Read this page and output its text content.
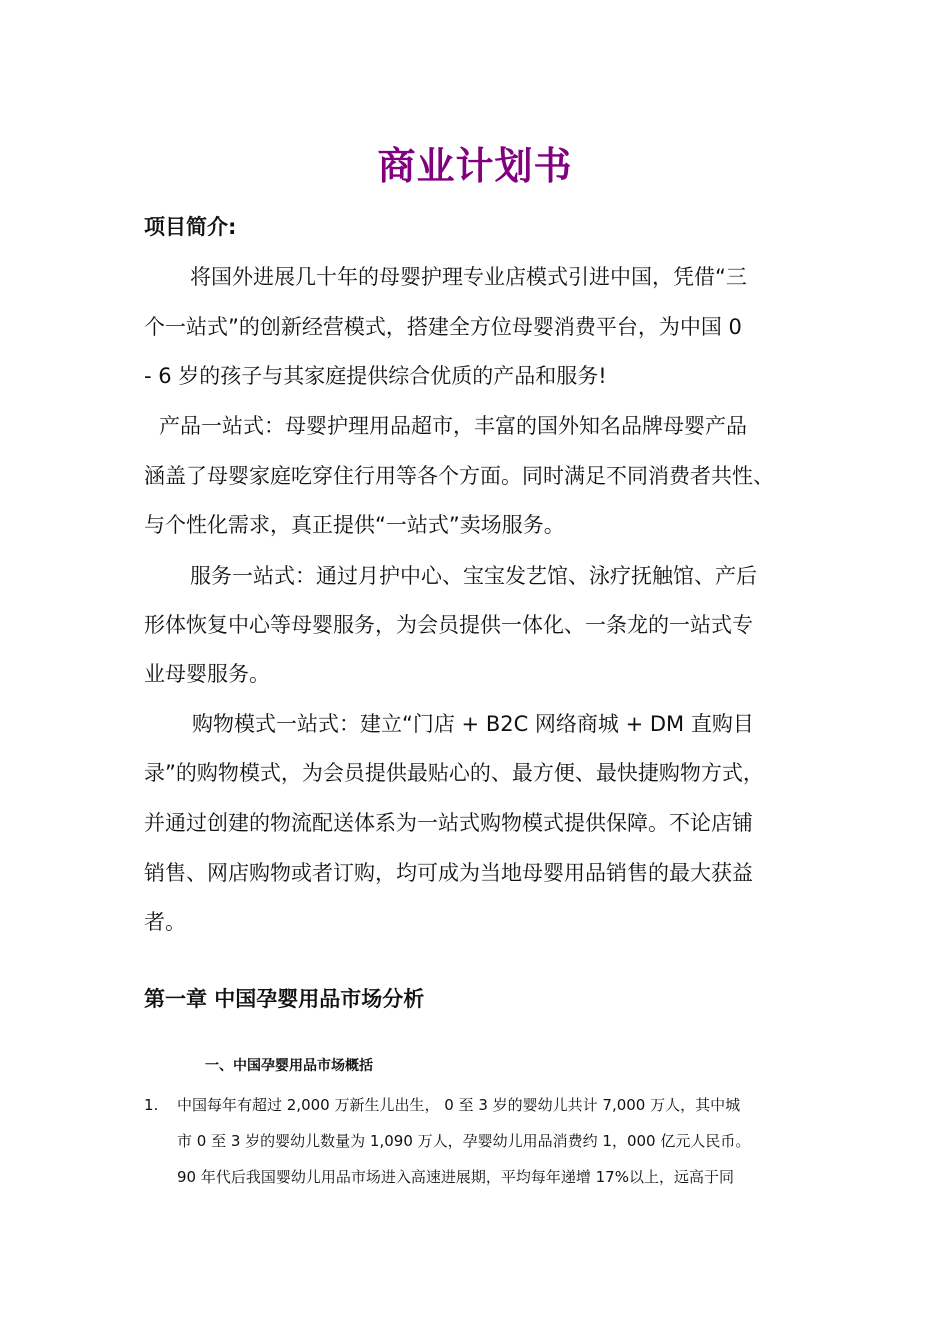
商业计划书
项目简介:
将国外进展几十年的母婴护理专业店模式引进中国，凭借“三
个一站式”的创新经营模式，搭建全方位母婴消费平台，为中国 0
- 6 岁的孩子与其家庭提供综合优质的产品和服务!
产品一站式：母婴护理用品超市，丰富的国外知名品牌母婴产品
涵盖了母婴家庭吃穿住行用等各个方面。同时满足不同消费者共性、
与个性化需求，真正提供“一站式”卖场服务。
服务一站式：通过月护中心、宝宝发艺馆、泳疗抚触馆、产后
形体恢复中心等母婴服务，为会员提供一体化、一条龙的一站式专
业母婴服务。
购物模式一站式：建立“门店 + B2C 网络商城 + DM 直购目
录”的购物模式，为会员提供最贴心的、最方便、最快捷购物方式，
并通过创建的物流配送体系为一站式购物模式提供保障。不论店铺
销售、网店购物或者订购，均可成为当地母婴用品销售的最大获益
者。
第一章 中国孕婴用品市场分析
一、中国孕婴用品市场概括
1. 中国每年有超过 2,000 万新生儿出生， 0 至 3 岁的婴幼儿共计 7,000 万人，其中城
市 0 至 3 岁的婴幼儿数量为 1,090 万人，孕婴幼儿用品消费约 1，000 亿元人民币。
90 年代后我国婴幼儿用品市场进入高速进展期，平均每年递增 17%以上，远高于同
